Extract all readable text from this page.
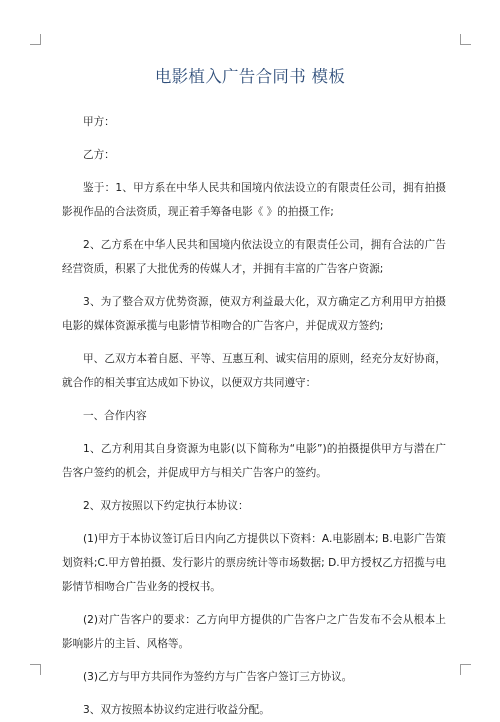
电影植入广告合同书 模板

甲方：

乙方：

鉴于：1、甲方系在中华人民共和国境内依法设立的有限责任公司，拥有拍摄影视作品的合法资质，现正着手筹备电影《 》的拍摄工作;

2、乙方系在中华人民共和国境内依法设立的有限责任公司，拥有合法的广告经营资质，积累了大批优秀的传媒人才，并拥有丰富的广告客户资源;

3、为了整合双方优势资源，使双方利益最大化，双方确定乙方利用甲方拍摄电影的媒体资源承揽与电影情节相吻合的广告客户，并促成双方签约;

甲、乙双方本着自愿、平等、互惠互利、诚实信用的原则，经充分友好协商，就合作的相关事宜达成如下协议，以便双方共同遵守：

一、合作内容

1、乙方利用其自身资源为电影(以下简称为“电影”)的拍摄提供甲方与潜在广告客户签约的机会，并促成甲方与相关广告客户的签约。

2、双方按照以下约定执行本协议：

(1)甲方于本协议签订后日内向乙方提供以下资料：A.电影剧本; B.电影广告策划资料;C.甲方曾拍摄、发行影片的票房统计等市场数据; D.甲方授权乙方招揽与电影情节相吻合广告业务的授权书。

(2)对广告客户的要求：乙方向甲方提供的广告客户之广告发布不会从根本上影响影片的主旨、风格等。

(3)乙方与甲方共同作为签约方与广告客户签订三方协议。

3、双方按照本协议约定进行收益分配。
